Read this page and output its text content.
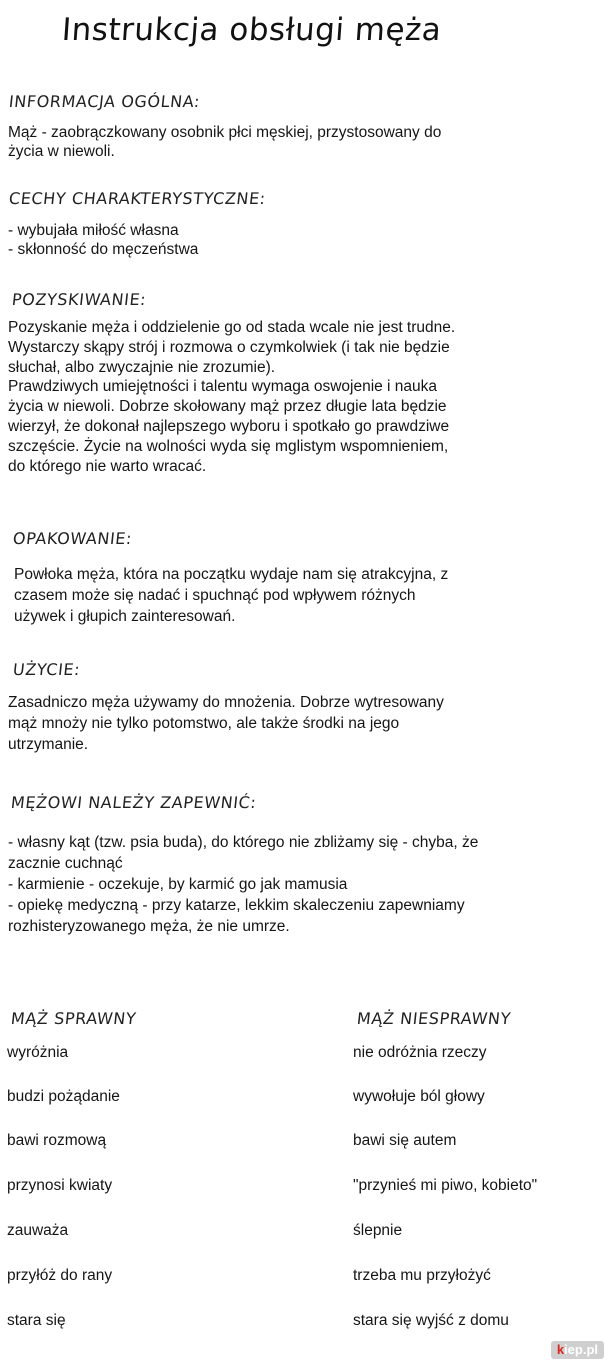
Instrukcja obsługi męża
INFORMACJA OGÓLNA:

Mąż - zaobrączkowany osobnik płci męskiej, przystosowany do
życia w niewoli.

CECHY CHARAKTERYSTYCZNE:

- wybujała miłość własna
- skłonność do męczeństwa

POZYSKIWANIE:

Pozyskanie męża i oddzielenie go od stada wcale nie jest trudne.
Wystarczy skąpy strój i rozmowa o czymkolwiek (i tak nie będzie
słuchał, albo zwyczajnie nie zrozumie).
Prawdziwych umiejętności i talentu wymaga oswojenie i nauka
życia w niewoli. Dobrze skołowany mąż przez długie lata będzie
wierzył, że dokonał najlepszego wyboru i spotkało go prawdziwe
szczęście. Życie na wolności wyda się mglistym wspomnieniem,
do którego nie warto wracać.

OPAKOWANIE:

Powłoka męża, która na początku wydaje nam się atrakcyjna, z
czasem może się nadać i spuchnąć pod wpływem różnych
używek i głupich zainteresowań.

UŻYCIE:

Zasadniczo męża używamy do mnożenia. Dobrze wytresowany
mąż mnoży nie tylko potomstwo, ale także środki na jego
utrzymanie.

MĘŻOWI NALEŻY ZAPEWNIĆ:

- własny kąt (tzw. psia buda), do którego nie zbliżamy się - chyba, że
zacznie cuchnąć
- karmienie - oczekuje, by karmić go jak mamusia
- opiekę medyczną - przy katarze, lekkim skaleczeniu zapewniamy
rozhisteryzowanego męża, że nie umrze.

MĄŻ SPRAWNY	MĄŻ NIESPRAWNY
wyróżnia	nie odróżnia rzeczy
budzi pożądanie	wywołuje ból głowy
bawi rozmową	bawi się autem
przynosi kwiaty	"przynieś mi piwo, kobieto"
zauważa	ślepnie
przyłóż do rany	trzeba mu przyłożyć
stara się	stara się wyjść z domu
kiep.pl
